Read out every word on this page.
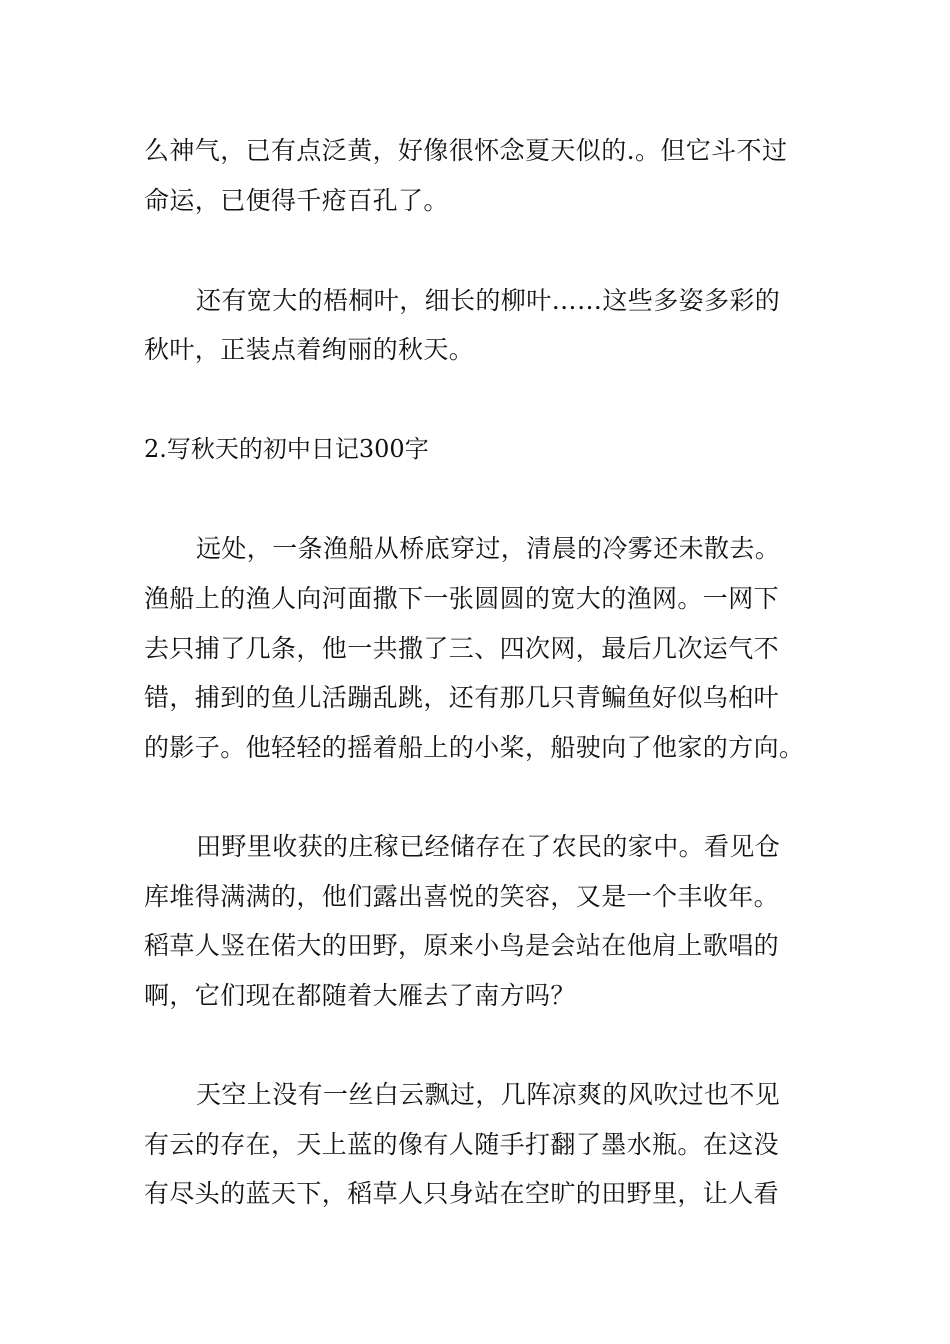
么神气，已有点泛黄，好像很怀念夏天似的.。但它斗不过
命运，已便得千疮百孔了。
还有宽大的梧桐叶，细长的柳叶……这些多姿多彩的
秋叶，正装点着绚丽的秋天。
2.写秋天的初中日记300字
远处，一条渔船从桥底穿过，清晨的冷雾还未散去。
渔船上的渔人向河面撒下一张圆圆的宽大的渔网。一网下
去只捕了几条，他一共撒了三、四次网，最后几次运气不
错，捕到的鱼儿活蹦乱跳，还有那几只青鳊鱼好似乌桕叶
的影子。他轻轻的摇着船上的小桨，船驶向了他家的方向。
田野里收获的庄稼已经储存在了农民的家中。看见仓
库堆得满满的，他们露出喜悦的笑容，又是一个丰收年。
稻草人竖在偌大的田野，原来小鸟是会站在他肩上歌唱的
啊，它们现在都随着大雁去了南方吗？
天空上没有一丝白云飘过，几阵凉爽的风吹过也不见
有云的存在，天上蓝的像有人随手打翻了墨水瓶。在这没
有尽头的蓝天下，稻草人只身站在空旷的田野里，让人看
